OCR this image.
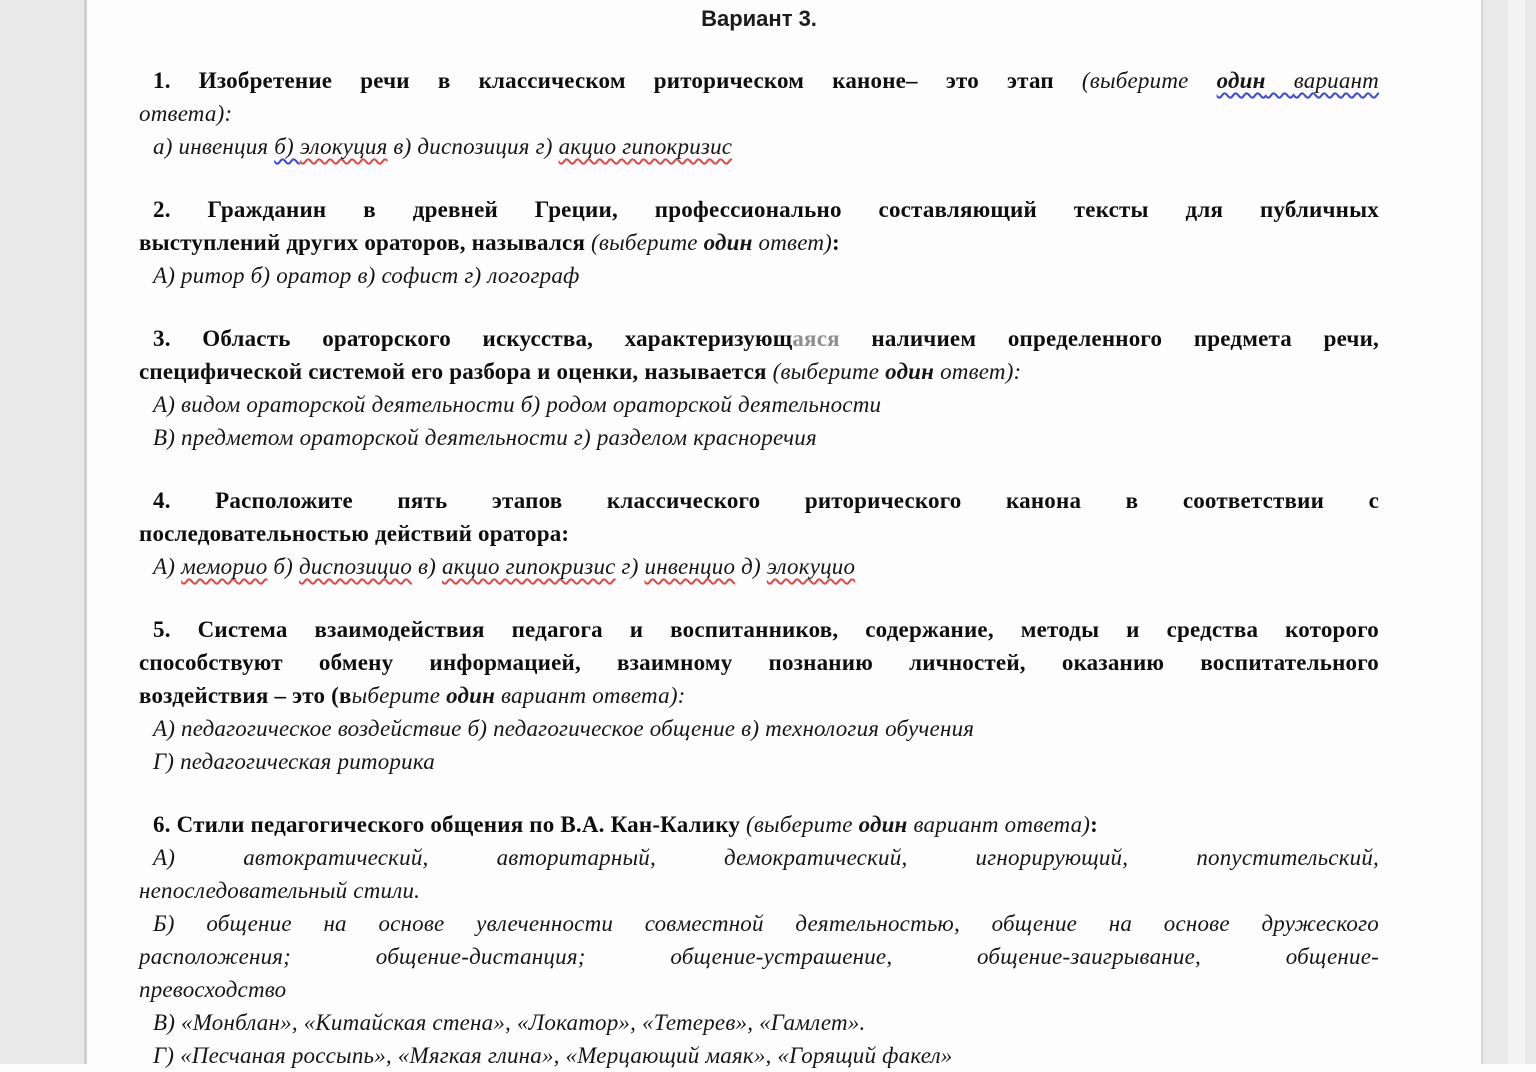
Вариант 3.
1. Изобретение речи в классическом риторическом каноне– это этап (выберите один вариант
ответа):
а) инвенция б) элокуция в) диспозиция г) акцио гипокризис
2. Гражданин в древней Греции, профессионально составляющий тексты для публичных
выступлений других ораторов, назывался (выберите один ответ):
А) ритор б) оратор в) софист г) логограф
3. Область ораторского искусства, характеризующаяся наличием определенного предмета речи,
специфической системой его разбора и оценки, называется (выберите один ответ):
А) видом ораторской деятельности б) родом ораторской деятельности
В) предметом ораторской деятельности г) разделом красноречия
4. Расположите пять этапов классического риторического канона в соответствии с
последовательностью действий оратора:
А) меморио б) диспозицио в) акцио гипокризис г) инвенцио д) элокуцио
5. Система взаимодействия педагога и воспитанников, содержание, методы и средства которого
способствуют обмену информацией, взаимному познанию личностей, оказанию воспитательного
воздействия – это (выберите один вариант ответа):
А) педагогическое воздействие б) педагогическое общение в) технология обучения
Г) педагогическая риторика
6. Стили педагогического общения по В.А. Кан-Калику (выберите один вариант ответа):
А) автократический, авторитарный, демократический, игнорирующий, попустительский,
непоследовательный стили.
Б) общение на основе увлеченности совместной деятельностью, общение на основе дружеского
расположения; общение-дистанция; общение-устрашение, общение-заигрывание, общение-
превосходство
В) «Монблан», «Китайская стена», «Локатор», «Тетерев», «Гамлет».
Г) «Песчаная россыпь», «Мягкая глина», «Мерцающий маяк», «Горящий факел»
